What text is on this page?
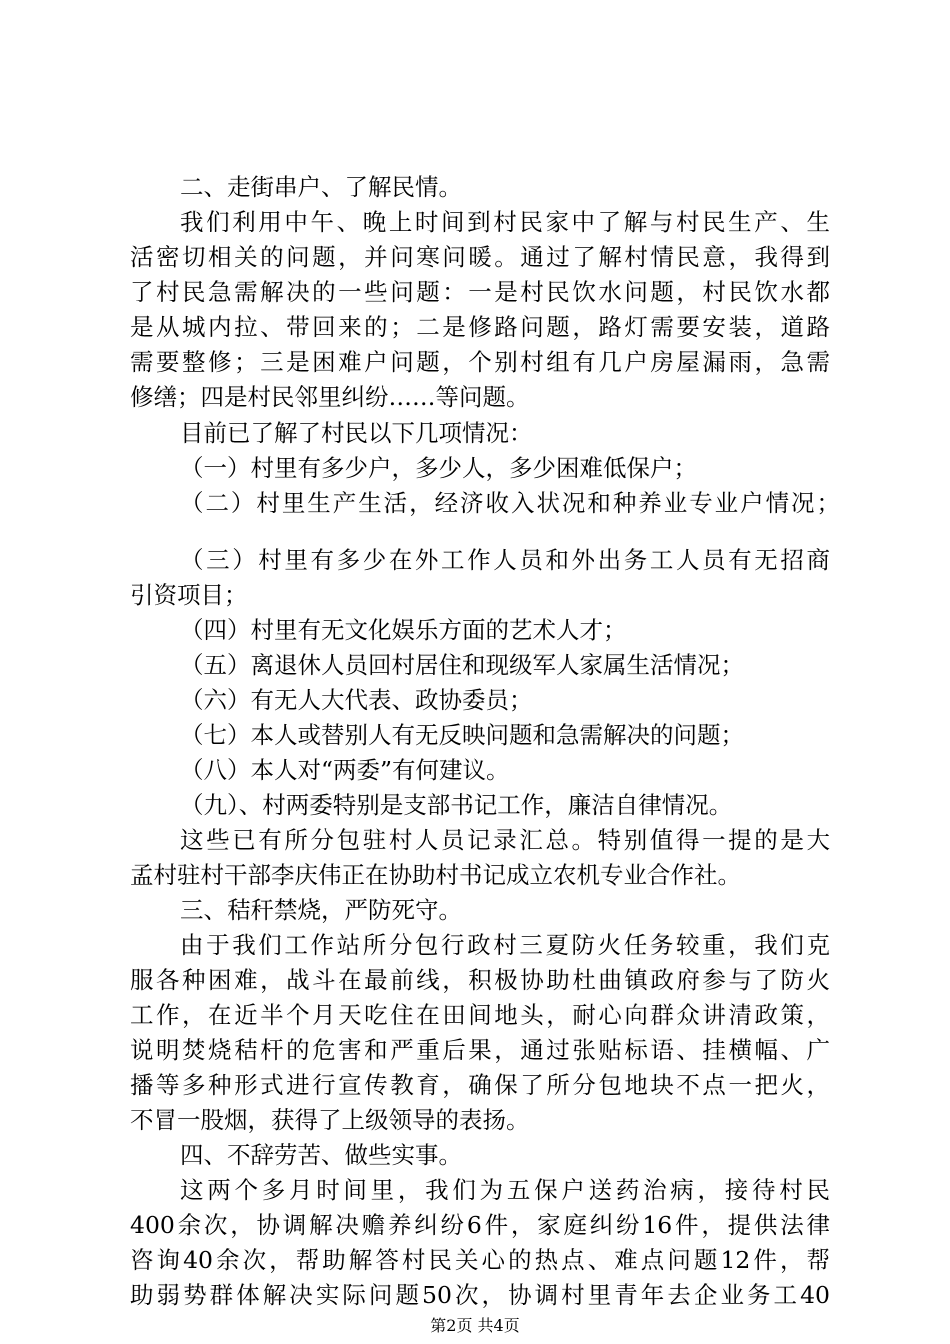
二、走街串户、了解民情。
我们利用中午、晚上时间到村民家中了解与村民生产、生
活密切相关的问题，并问寒问暖。通过了解村情民意，我得到
了村民急需解决的一些问题：一是村民饮水问题，村民饮水都
是从城内拉、带回来的；二是修路问题，路灯需要安装，道路
需要整修；三是困难户问题，个别村组有几户房屋漏雨，急需
修缮；四是村民邻里纠纷……等问题。
目前已了解了村民以下几项情况：
（一）村里有多少户，多少人，多少困难低保户；
（二）村里生产生活，经济收入状况和种养业专业户情况；
（三）村里有多少在外工作人员和外出务工人员有无招商
引资项目；
（四）村里有无文化娱乐方面的艺术人才；
（五）离退休人员回村居住和现级军人家属生活情况；
（六）有无人大代表、政协委员；
（七）本人或替别人有无反映问题和急需解决的问题；
（八）本人对“两委”有何建议。
（九）、村两委特别是支部书记工作，廉洁自律情况。
这些已有所分包驻村人员记录汇总。特别值得一提的是大
孟村驻村干部李庆伟正在协助村书记成立农机专业合作社。
三、秸秆禁烧，严防死守。
由于我们工作站所分包行政村三夏防火任务较重，我们克
服各种困难，战斗在最前线，积极协助杜曲镇政府参与了防火
工作，在近半个月天吃住在田间地头，耐心向群众讲清政策，
说明焚烧秸杆的危害和严重后果，通过张贴标语、挂横幅、广
播等多种形式进行宣传教育，确保了所分包地块不点一把火，
不冒一股烟，获得了上级领导的表扬。
四、不辞劳苦、做些实事。
这两个多月时间里，我们为五保户送药治病，接待村民
400余次，协调解决赡养纠纷6件，家庭纠纷16件，提供法律
咨询40余次，帮助解答村民关心的热点、难点问题12件，帮
助弱势群体解决实际问题50次，协调村里青年去企业务工40
第2页 共4页
